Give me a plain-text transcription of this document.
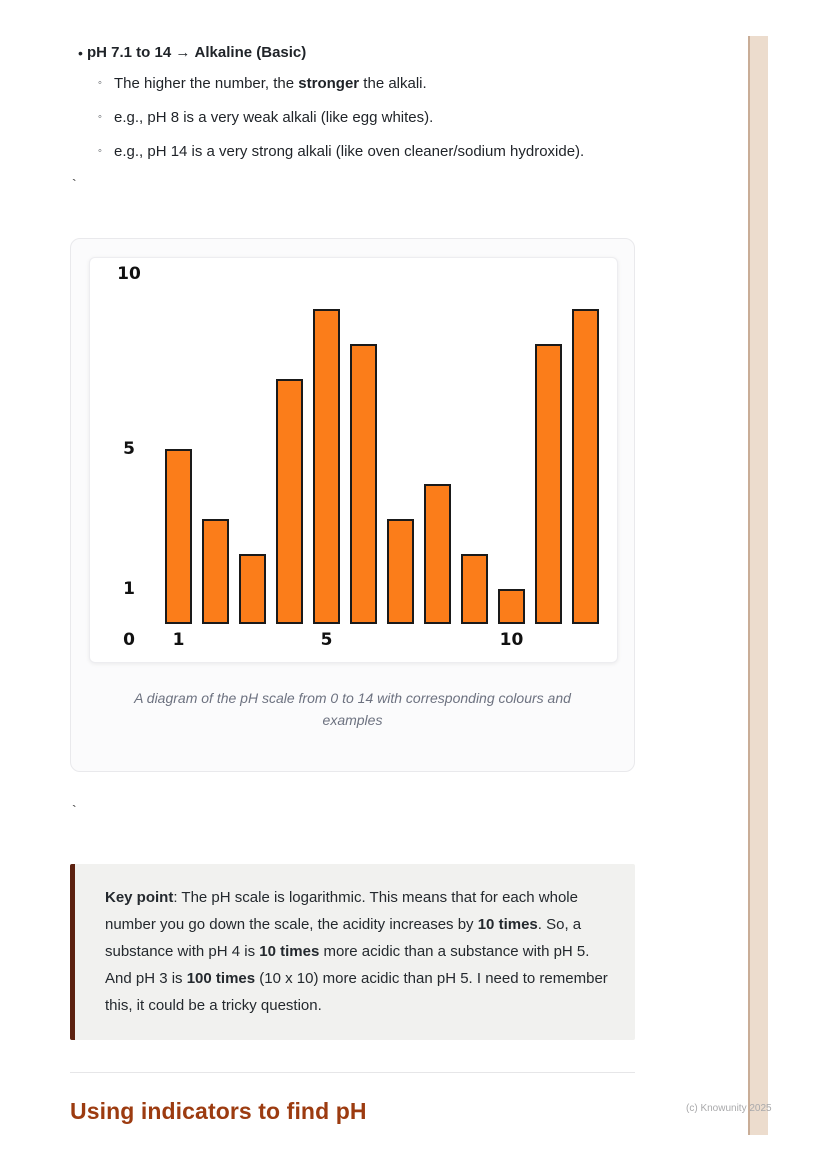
• pH 7.1 to 14 → Alkaline (Basic)
◦ The higher the number, the stronger the alkali.
◦ e.g., pH 8 is a very weak alkali (like egg whites).
◦ e.g., pH 14 is a very strong alkali (like oven cleaner/sodium hydroxide).
`
0
1
5
10
1	5	10
A diagram of the pH scale from 0 to 14 with corresponding colours and examples
`
Key point: The pH scale is logarithmic. This means that for each whole number you go down the scale, the acidity increases by 10 times. So, a substance with pH 4 is 10 times more acidic than a substance with pH 5. And pH 3 is 100 times (10 x 10) more acidic than pH 5. I need to remember this, it could be a tricky question.
Using indicators to find pH	(c) Knowunity 2025
